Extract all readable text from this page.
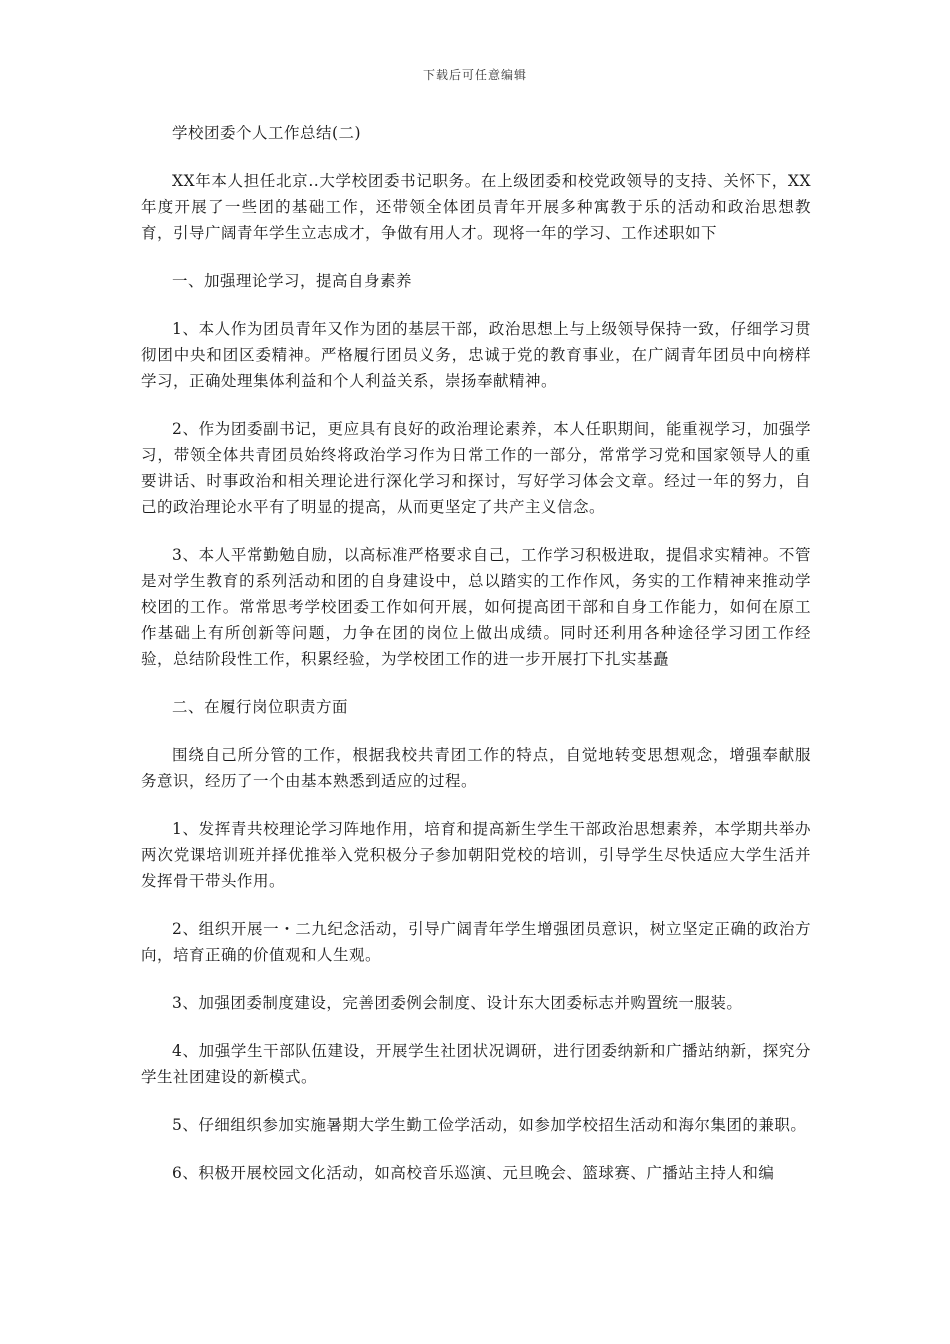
下载后可任意编辑

学校团委个人工作总结(二)

XX年本人担任北京..大学校团委书记职务。在上级团委和校党政领导的支持、关怀下，XX年度开展了一些团的基础工作，还带领全体团员青年开展多种寓教于乐的活动和政治思想教育，引导广阔青年学生立志成才，争做有用人才。现将一年的学习、工作述职如下

一、加强理论学习，提高自身素养

1、本人作为团员青年又作为团的基层干部，政治思想上与上级领导保持一致，仔细学习贯彻团中央和团区委精神。严格履行团员义务，忠诚于党的教育事业，在广阔青年团员中向榜样学习，正确处理集体利益和个人利益关系，崇扬奉献精神。

2、作为团委副书记，更应具有良好的政治理论素养，本人任职期间，能重视学习，加强学习，带领全体共青团员始终将政治学习作为日常工作的一部分，常常学习党和国家领导人的重要讲话、时事政治和相关理论进行深化学习和探讨，写好学习体会文章。经过一年的努力，自己的政治理论水平有了明显的提高，从而更坚定了共产主义信念。

3、本人平常勤勉自励，以高标准严格要求自己，工作学习积极进取，提倡求实精神。不管是对学生教育的系列活动和团的自身建设中，总以踏实的工作作风，务实的工作精神来推动学校团的工作。常常思考学校团委工作如何开展，如何提高团干部和自身工作能力，如何在原工作基础上有所创新等问题，力争在团的岗位上做出成绩。同时还利用各种途径学习团工作经验，总结阶段性工作，积累经验，为学校团工作的进一步开展打下扎实基矗

二、在履行岗位职责方面

围绕自己所分管的工作，根据我校共青团工作的特点，自觉地转变思想观念，增强奉献服务意识，经历了一个由基本熟悉到适应的过程。

1、发挥青共校理论学习阵地作用，培育和提高新生学生干部政治思想素养，本学期共举办两次党课培训班并择优推举入党积极分子参加朝阳党校的培训，引导学生尽快适应大学生活并发挥骨干带头作用。

2、组织开展一・二九纪念活动，引导广阔青年学生增强团员意识，树立坚定正确的政治方向，培育正确的价值观和人生观。

3、加强团委制度建设，完善团委例会制度、设计东大团委标志并购置统一服装。

4、加强学生干部队伍建设，开展学生社团状况调研，进行团委纳新和广播站纳新，探究分学生社团建设的新模式。

5、仔细组织参加实施暑期大学生勤工俭学活动，如参加学校招生活动和海尔集团的兼职。

6、积极开展校园文化活动，如高校音乐巡演、元旦晚会、篮球赛、广播站主持人和编
